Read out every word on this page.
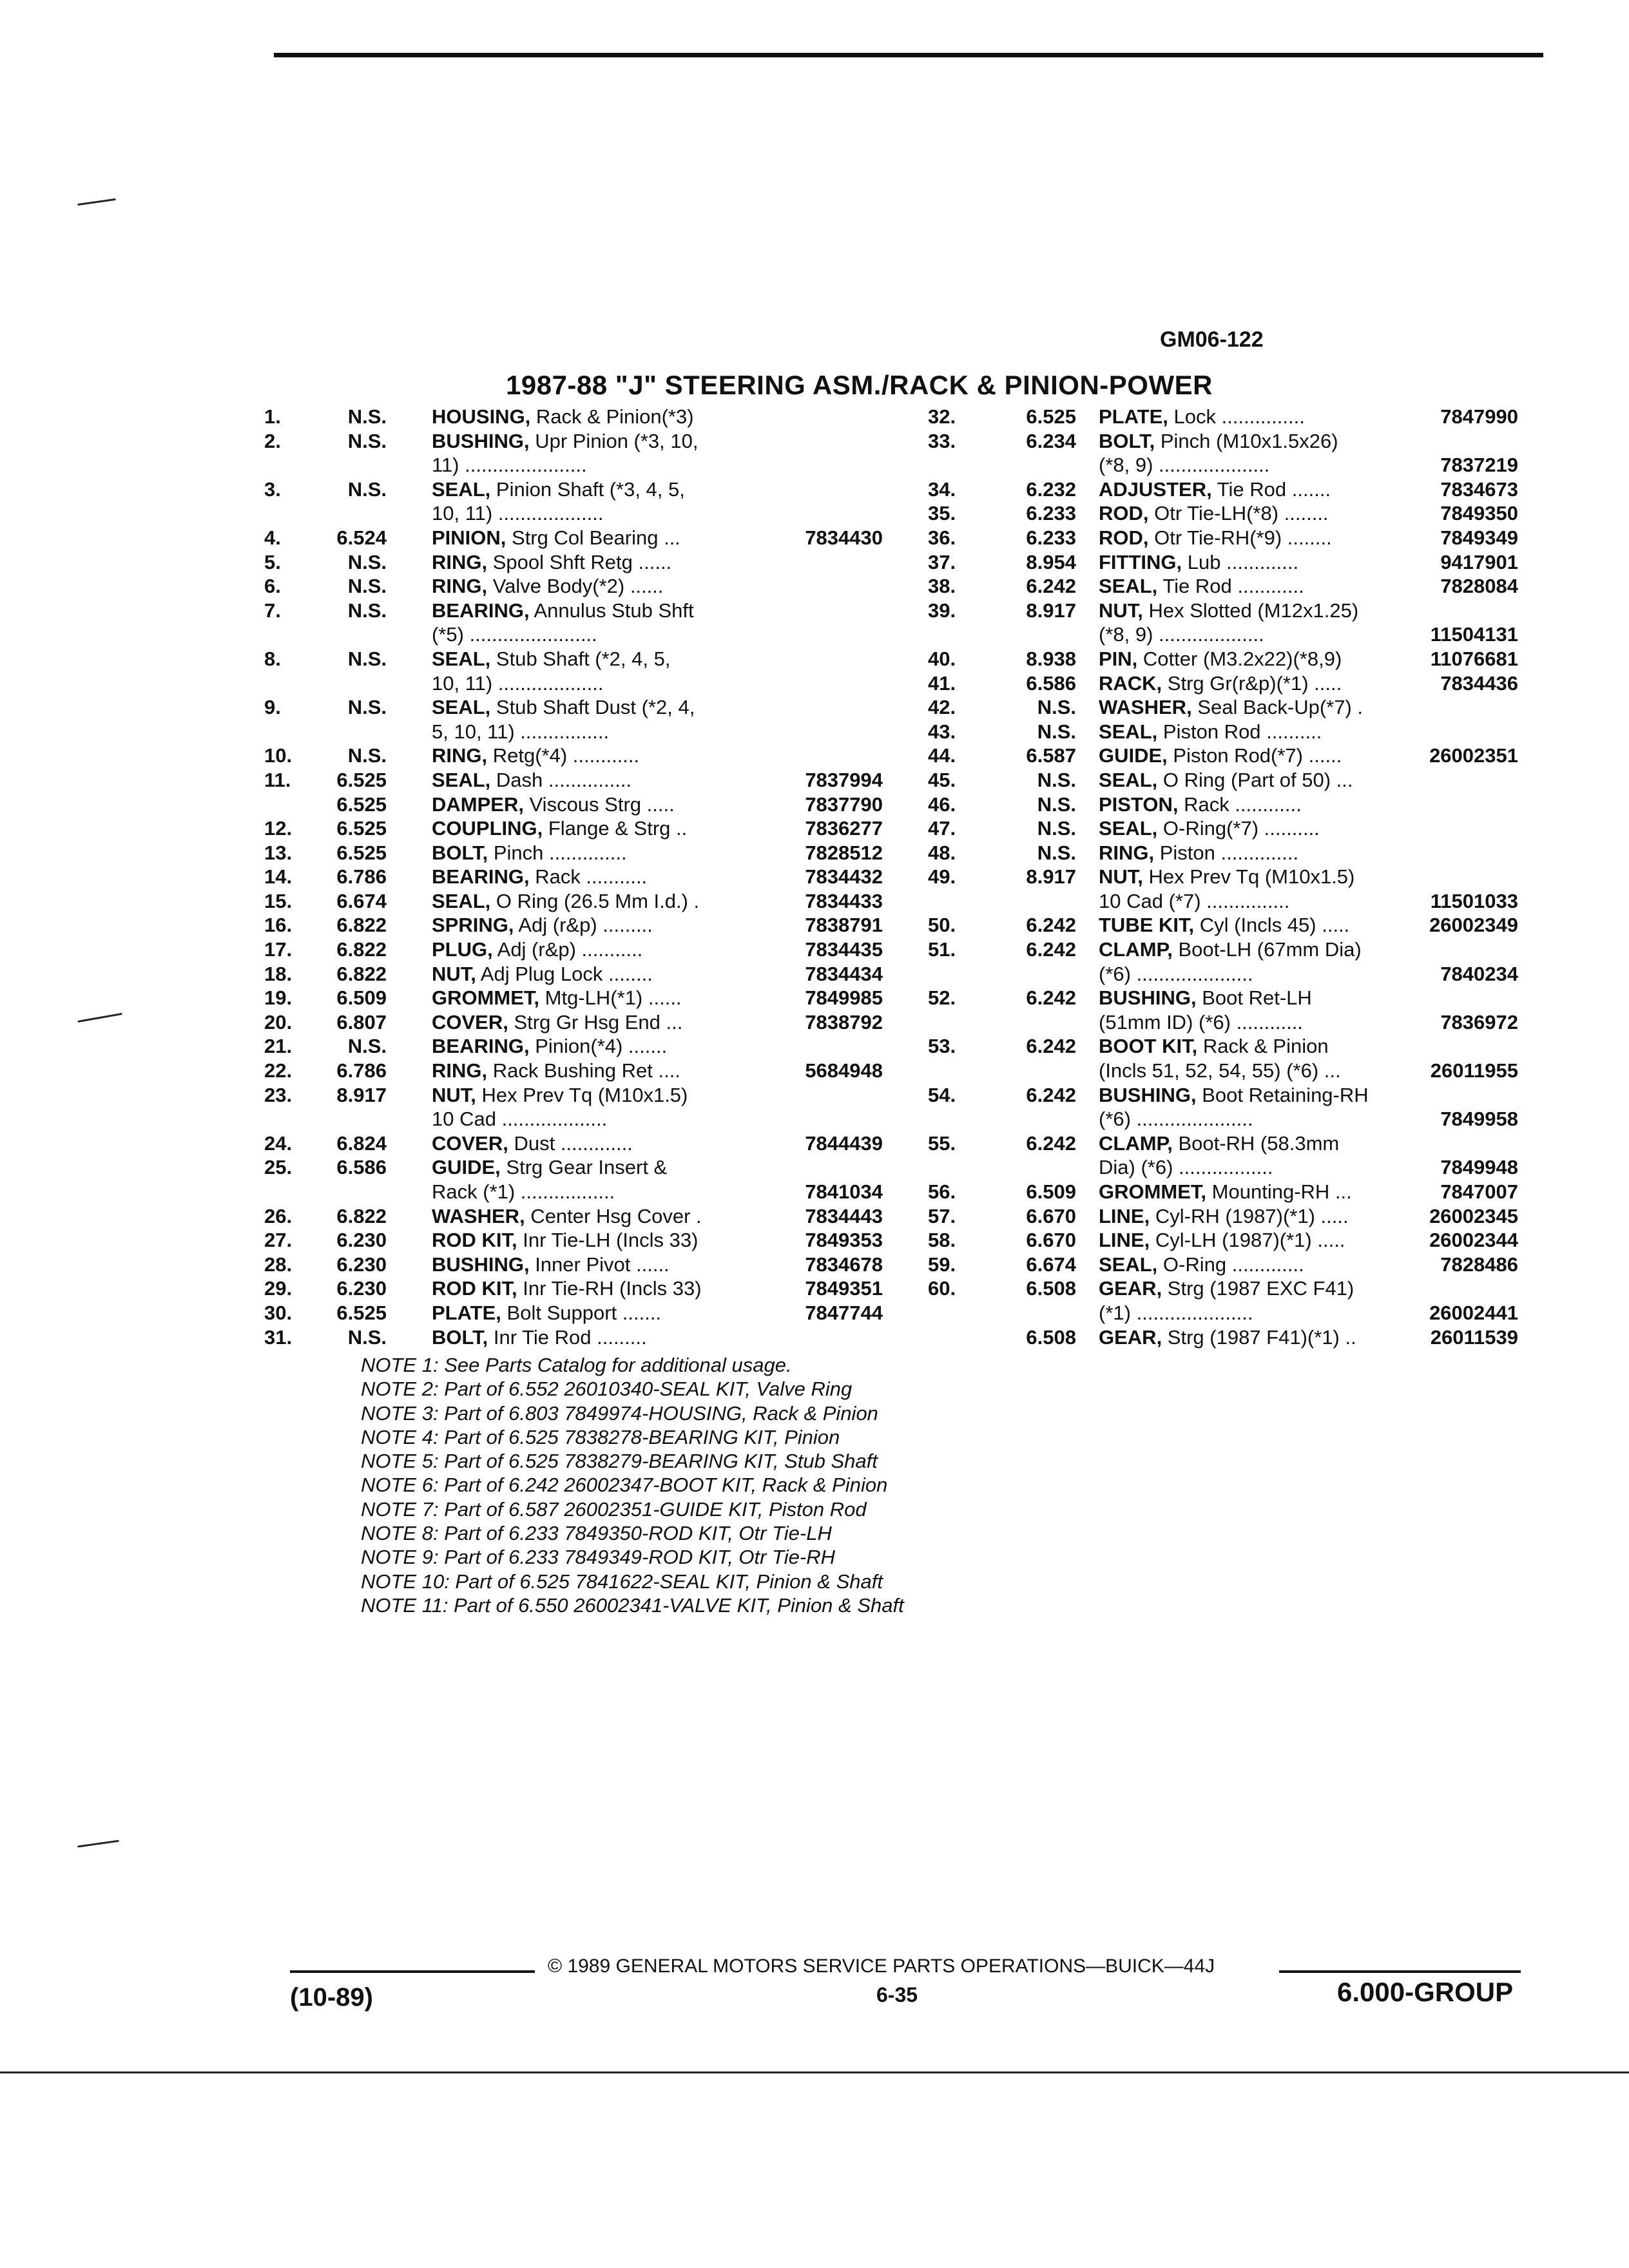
GM06-122
1987-88 "J" STEERING ASM./RACK & PINION-POWER
1.	N.S. HOUSING, Rack & Pinion(*3)
2.	N.S. BUSHING, Upr Pinion (*3, 10,
11) ......................
3.	N.S. SEAL, Pinion Shaft (*3, 4, 5,
10, 11) ...................
4.	6.524 PINION, Strg Col Bearing ...	7834430
5.	N.S. RING, Spool Shft Retg ......
6.	N.S. RING, Valve Body(*2) ......
7.	N.S. BEARING, Annulus Stub Shft
(*5) .......................
8.	N.S. SEAL, Stub Shaft (*2, 4, 5,
10, 11) ...................
9.	N.S. SEAL, Stub Shaft Dust (*2, 4,
5, 10, 11) ................
10.	N.S. RING, Retg(*4) ............
11.	6.525 SEAL, Dash ...............	7837994
6.525 DAMPER, Viscous Strg .....	7837790
12.	6.525 COUPLING, Flange & Strg ..	7836277
13.	6.525 BOLT, Pinch ..............	7828512
14.	6.786 BEARING, Rack ...........	7834432
15.	6.674 SEAL, O Ring (26.5 Mm I.d.) .	7834433
16.	6.822 SPRING, Adj (r&p) .........	7838791
17.	6.822 PLUG, Adj (r&p) ...........	7834435
18.	6.822 NUT, Adj Plug Lock ........	7834434
19.	6.509 GROMMET, Mtg-LH(*1) ......	7849985
20.	6.807 COVER, Strg Gr Hsg End ...	7838792
21.	N.S. BEARING, Pinion(*4) .......
22.	6.786 RING, Rack Bushing Ret ....	5684948
23.	8.917 NUT, Hex Prev Tq (M10x1.5)
10 Cad ...................
24.	6.824 COVER, Dust .............	7844439
25.	6.586 GUIDE, Strg Gear Insert &
Rack (*1) .................	7841034
26.	6.822 WASHER, Center Hsg Cover .	7834443
27.	6.230 ROD KIT, Inr Tie-LH (Incls 33)	7849353
28.	6.230 BUSHING, Inner Pivot ......	7834678
29.	6.230 ROD KIT, Inr Tie-RH (Incls 33)	7849351
30.	6.525 PLATE, Bolt Support .......	7847744
31.	N.S. BOLT, Inr Tie Rod .........
32.	6.525 PLATE, Lock ...............	7847990
33.	6.234 BOLT, Pinch (M10x1.5x26)
(*8, 9) ....................	7837219
34.	6.232 ADJUSTER, Tie Rod .......	7834673
35.	6.233 ROD, Otr Tie-LH(*8) ........	7849350
36.	6.233 ROD, Otr Tie-RH(*9) ........	7849349
37.	8.954 FITTING, Lub .............	9417901
38.	6.242 SEAL, Tie Rod ............	7828084
39.	8.917 NUT, Hex Slotted (M12x1.25)
(*8, 9) ...................	11504131
40.	8.938 PIN, Cotter (M3.2x22)(*8,9)	11076681
41.	6.586 RACK, Strg Gr(r&p)(*1) .....	7834436
42.	N.S. WASHER, Seal Back-Up(*7) .
43.	N.S. SEAL, Piston Rod ..........
44.	6.587 GUIDE, Piston Rod(*7) ......	26002351
45.	N.S. SEAL, O Ring (Part of 50) ...
46.	N.S. PISTON, Rack ............
47.	N.S. SEAL, O-Ring(*7) ..........
48.	N.S. RING, Piston ..............
49.	8.917 NUT, Hex Prev Tq (M10x1.5)
10 Cad (*7) ...............	11501033
50.	6.242 TUBE KIT, Cyl (Incls 45) .....	26002349
51.	6.242 CLAMP, Boot-LH (67mm Dia)
(*6) .....................	7840234
52.	6.242 BUSHING, Boot Ret-LH
(51mm ID) (*6) ............	7836972
53.	6.242 BOOT KIT, Rack & Pinion
(Incls 51, 52, 54, 55) (*6) ...	26011955
54.	6.242 BUSHING, Boot Retaining-RH
(*6) .....................	7849958
55.	6.242 CLAMP, Boot-RH (58.3mm
Dia) (*6) .................	7849948
56.	6.509 GROMMET, Mounting-RH ...	7847007
57.	6.670 LINE, Cyl-RH (1987)(*1) .....	26002345
58.	6.670 LINE, Cyl-LH (1987)(*1) .....	26002344
59.	6.674 SEAL, O-Ring .............	7828486
60.	6.508 GEAR, Strg (1987 EXC F41)
(*1) .....................	26002441
6.508 GEAR, Strg (1987 F41)(*1) ..	26011539
NOTE 1: See Parts Catalog for additional usage.
NOTE 2: Part of 6.552 26010340-SEAL KIT, Valve Ring
NOTE 3: Part of 6.803 7849974-HOUSING, Rack & Pinion
NOTE 4: Part of 6.525 7838278-BEARING KIT, Pinion
NOTE 5: Part of 6.525 7838279-BEARING KIT, Stub Shaft
NOTE 6: Part of 6.242 26002347-BOOT KIT, Rack & Pinion
NOTE 7: Part of 6.587 26002351-GUIDE KIT, Piston Rod
NOTE 8: Part of 6.233 7849350-ROD KIT, Otr Tie-LH
NOTE 9: Part of 6.233 7849349-ROD KIT, Otr Tie-RH
NOTE 10: Part of 6.525 7841622-SEAL KIT, Pinion & Shaft
NOTE 11: Part of 6.550 26002341-VALVE KIT, Pinion & Shaft
© 1989 GENERAL MOTORS SERVICE PARTS OPERATIONS—BUICK—44J
(10-89)	6-35	6.000-GROUP
